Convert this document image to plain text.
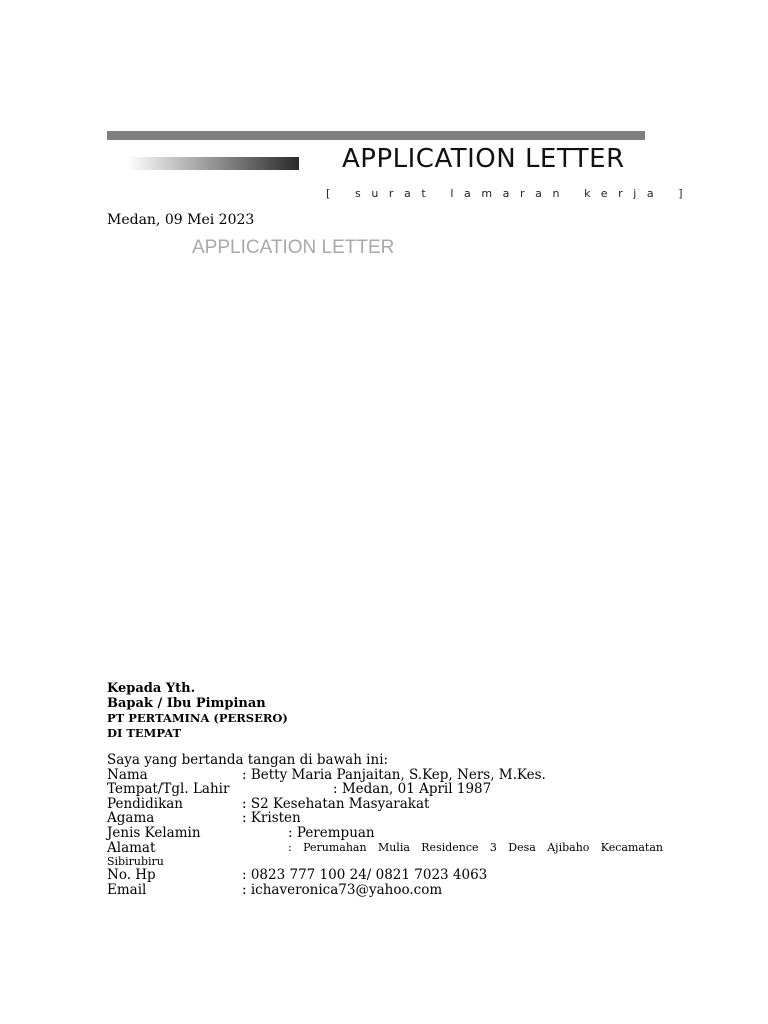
APPLICATION LETTER
[ surat lamaran kerja ]
Medan, 09 Mei 2023
APPLICATION LETTER
Kepada Yth.
Bapak / Ibu Pimpinan
PT PERTAMINA (PERSERO)
DI TEMPAT
Saya yang bertanda tangan di bawah ini:
Nama	: Betty Maria Panjaitan, S.Kep, Ners, M.Kes.
Tempat/Tgl. Lahir	: Medan, 01 April 1987
Pendidikan	: S2 Kesehatan Masyarakat
Agama	: Kristen
Jenis Kelamin	: Perempuan
Alamat	: Perumahan Mulia Residence 3 Desa Ajibaho Kecamatan
Sibirubiru
No. Hp	: 0823 777 100 24/ 0821 7023 4063
Email	: ichaveronica73@yahoo.com
